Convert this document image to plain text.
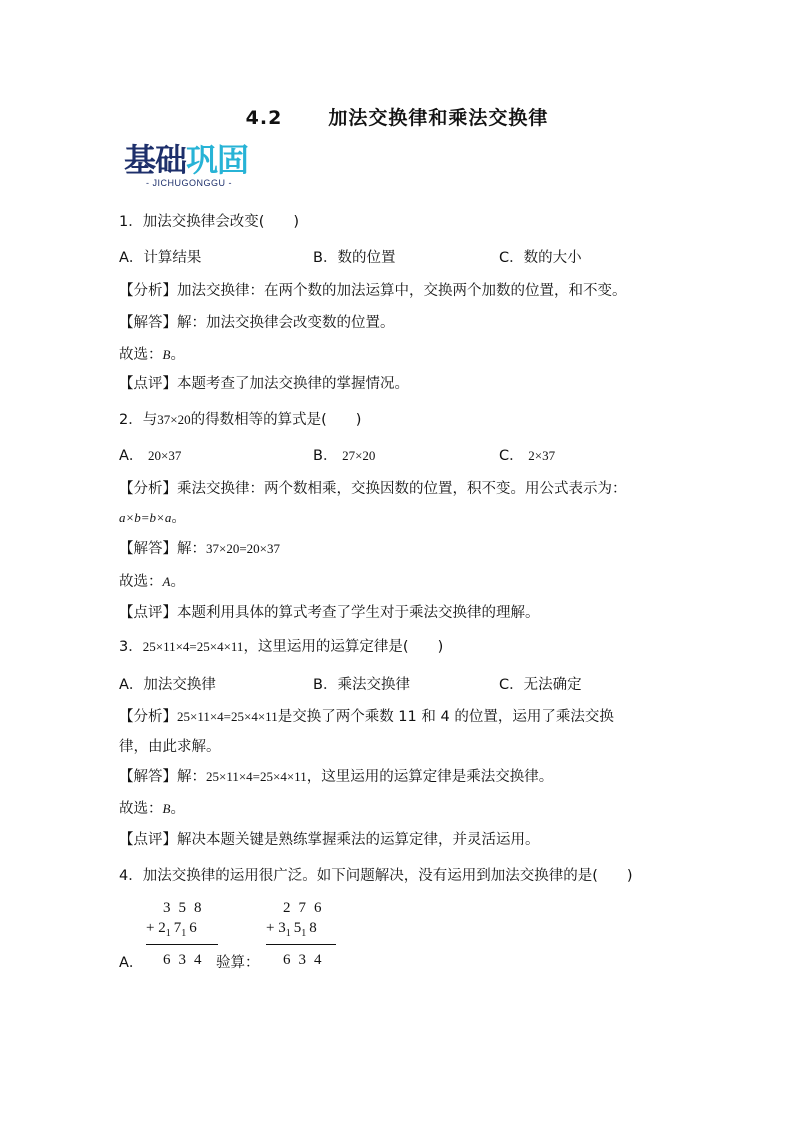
4.2 加法交换律和乘法交换律
基础巩固
- JICHUGONGGU -
1．加法交换律会改变(　　)
A．计算结果	B．数的位置	C．数的大小
【分析】加法交换律：在两个数的加法运算中，交换两个加数的位置，和不变。
【解答】解：加法交换律会改变数的位置。
故选：B。
【点评】本题考查了加法交换律的掌握情况。
2．与37×20的得数相等的算式是(　　)
A． 20×37	B． 27×20	C． 2×37
【分析】乘法交换律：两个数相乘，交换因数的位置，积不变。用公式表示为：
a×b=b×a。
【解答】解：37×20=20×37
故选：A。
【点评】本题利用具体的算式考查了学生对于乘法交换律的理解。
3．25×11×4=25×4×11，这里运用的运算定律是(　　)
A．加法交换律	B．乘法交换律	C．无法确定
【分析】25×11×4=25×4×11是交换了两个乘数 11 和 4 的位置，运用了乘法交换
律，由此求解。
【解答】解：25×11×4=25×4×11，这里运用的运算定律是乘法交换律。
故选：B。
【点评】解决本题关键是熟练掌握乘法的运算定律，并灵活运用。
4．加法交换律的运用很广泛。如下问题解决，没有运用到加法交换律的是(　　)
A．
358
+ $2_1$ $7_1$ 6
634 验算：
276
+ $3_1$ $5_1$ 8
634
